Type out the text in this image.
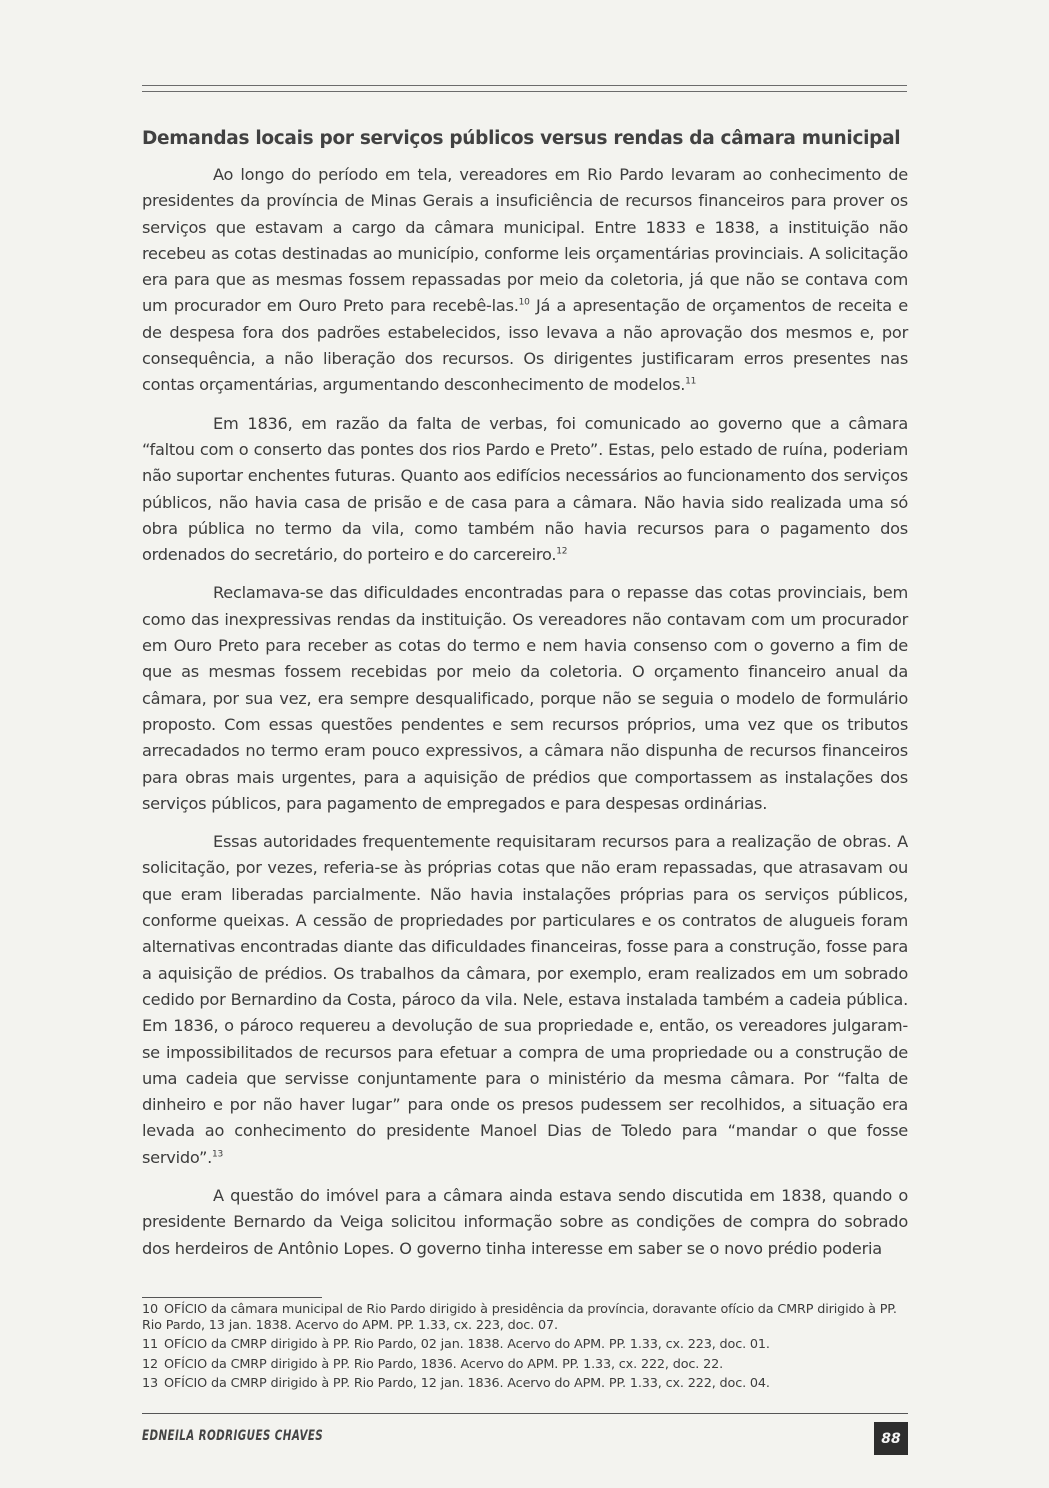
Demandas locais por serviços públicos versus rendas da câmara municipal

Ao longo do período em tela, vereadores em Rio Pardo levaram ao conhecimento de presidentes da província de Minas Gerais a insuficiência de recursos financeiros para prover os serviços que estavam a cargo da câmara municipal. Entre 1833 e 1838, a instituição não recebeu as cotas destinadas ao município, conforme leis orçamentárias provinciais. A solicitação era para que as mesmas fossem repassadas por meio da coletoria, já que não se contava com um procurador em Ouro Preto para recebê-las.$^{10}$ Já a apresentação de orçamentos de receita e de despesa fora dos padrões estabelecidos, isso levava a não aprovação dos mesmos e, por consequência, a não liberação dos recursos. Os dirigentes justificaram erros presentes nas contas orçamentárias, argumentando desconhecimento de modelos.$^{11}$

Em 1836, em razão da falta de verbas, foi comunicado ao governo que a câmara “faltou com o conserto das pontes dos rios Pardo e Preto”. Estas, pelo estado de ruína, poderiam não suportar enchentes futuras. Quanto aos edifícios necessários ao funcionamento dos serviços públicos, não havia casa de prisão e de casa para a câmara. Não havia sido realizada uma só obra pública no termo da vila, como também não havia recursos para o pagamento dos ordenados do secretário, do porteiro e do carcereiro.$^{12}$

Reclamava-se das dificuldades encontradas para o repasse das cotas provinciais, bem como das inexpressivas rendas da instituição. Os vereadores não contavam com um procurador em Ouro Preto para receber as cotas do termo e nem havia consenso com o governo a fim de que as mesmas fossem recebidas por meio da coletoria. O orçamento financeiro anual da câmara, por sua vez, era sempre desqualificado, porque não se seguia o modelo de formulário proposto. Com essas questões pendentes e sem recursos próprios, uma vez que os tributos arrecadados no termo eram pouco expressivos, a câmara não dispunha de recursos financeiros para obras mais urgentes, para a aquisição de prédios que comportassem as instalações dos serviços públicos, para pagamento de empregados e para despesas ordinárias.

Essas autoridades frequentemente requisitaram recursos para a realização de obras. A solicitação, por vezes, referia-se às próprias cotas que não eram repassadas, que atrasavam ou que eram liberadas parcialmente. Não havia instalações próprias para os serviços públicos, conforme queixas. A cessão de propriedades por particulares e os contratos de alugueis foram alternativas encontradas diante das dificuldades financeiras, fosse para a construção, fosse para a aquisição de prédios. Os trabalhos da câmara, por exemplo, eram realizados em um sobrado cedido por Bernardino da Costa, pároco da vila. Nele, estava instalada também a cadeia pública. Em 1836, o pároco requereu a devolução de sua propriedade e, então, os vereadores julgaram-se impossibilitados de recursos para efetuar a compra de uma propriedade ou a construção de uma cadeia que servisse conjuntamente para o ministério da mesma câmara. Por “falta de dinheiro e por não haver lugar” para onde os presos pudessem ser recolhidos, a situação era levada ao conhecimento do presidente Manoel Dias de Toledo para “mandar o que fosse servido”.$^{13}$

A questão do imóvel para a câmara ainda estava sendo discutida em 1838, quando o presidente Bernardo da Veiga solicitou informação sobre as condições de compra do sobrado dos herdeiros de Antônio Lopes. O governo tinha interesse em saber se o novo prédio poderia

10 OFÍCIO da câmara municipal de Rio Pardo dirigido à presidência da província, doravante ofício da CMRP dirigido à PP. Rio Pardo, 13 jan. 1838. Acervo do APM. PP. 1.33, cx. 223, doc. 07.

11 OFÍCIO da CMRP dirigido à PP. Rio Pardo, 02 jan. 1838. Acervo do APM. PP. 1.33, cx. 223, doc. 01.

12 OFÍCIO da CMRP dirigido à PP. Rio Pardo, 1836. Acervo do APM. PP. 1.33, cx. 222, doc. 22.

13 OFÍCIO da CMRP dirigido à PP. Rio Pardo, 12 jan. 1836. Acervo do APM. PP. 1.33, cx. 222, doc. 04.

EDNEILA RODRIGUES CHAVES	88
